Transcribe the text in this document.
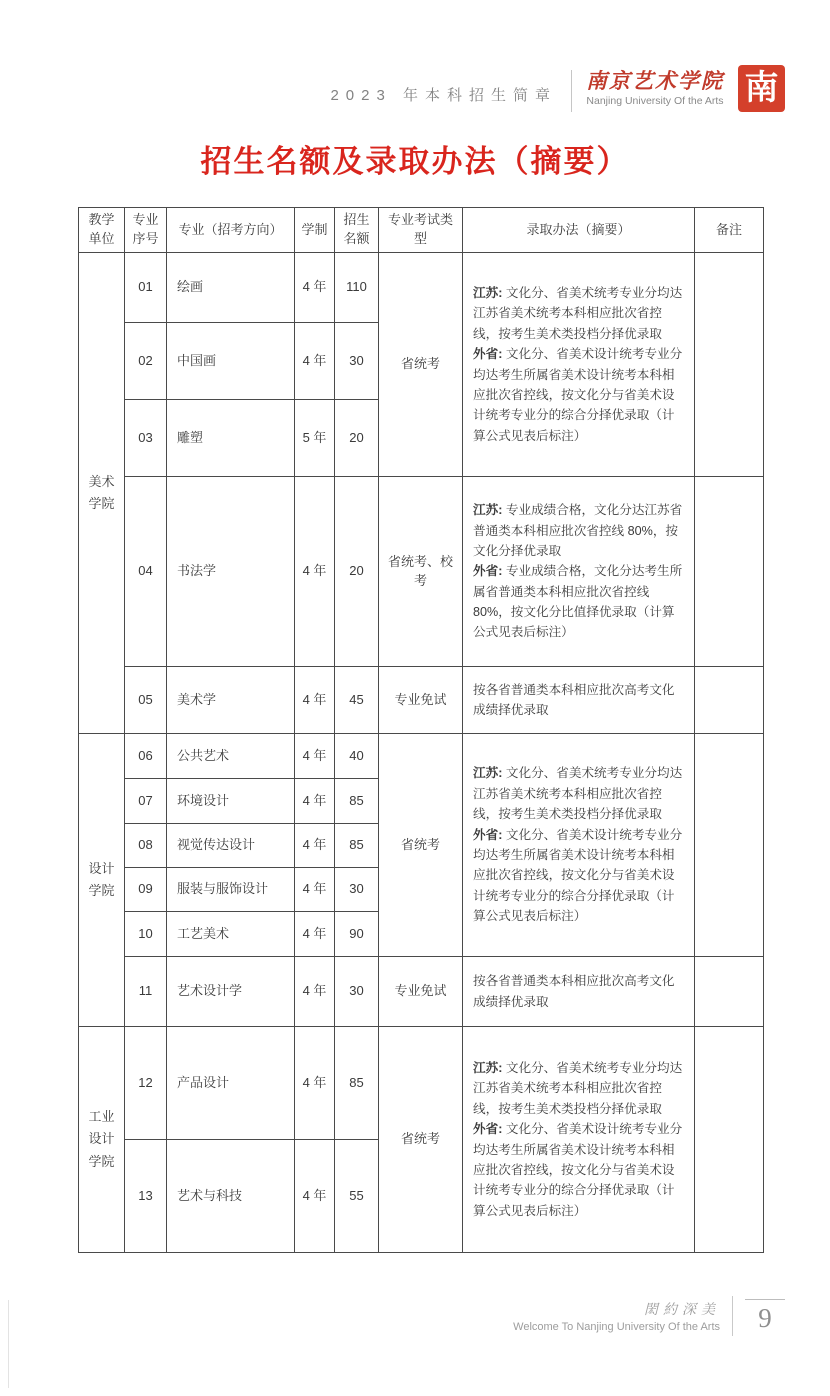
2023 年本科招生简章
南京艺术学院
Nanjing University Of the Arts 南
招生名额及录取办法（摘要）
教学单位	专业序号	专业（招考方向）	学制	招生名额	专业考试类型	录取办法（摘要）	备注
美术学院	01	绘画	4 年	110	省统考	江苏: 文化分、省美术统考专业分均达江苏省美术统考本科相应批次省控线，按考生美术类投档分择优录取

外省: 文化分、省美术设计统考专业分均达考生所属省美术设计统考本科相应批次省控线，按文化分与省美术设计统考专业分的综合分择优录取（计算公式见表后标注）	

	02	中国画	4 年	30			
	03	雕塑	5 年	20			
	04	书法学	4 年	20	省统考、校考	江苏: 专业成绩合格，文化分达江苏省普通类本科相应批次省控线 80%，按文化分择优录取

外省: 专业成绩合格，文化分达考生所属省普通类本科相应批次省控线 80%，按文化分比值择优录取（计算公式见表后标注）	

	05	美术学	4 年	45	专业免试	按各省普通类本科相应批次高考文化成绩择优录取	

设计学院	06	公共艺术	4 年	40	省统考	江苏: 文化分、省美术统考专业分均达江苏省美术统考本科相应批次省控线，按考生美术类投档分择优录取

外省: 文化分、省美术设计统考专业分均达考生所属省美术设计统考本科相应批次省控线，按文化分与省美术设计统考专业分的综合分择优录取（计算公式见表后标注）	

	07	环境设计	4 年	85			
	08	视觉传达设计	4 年	85			
	09	服装与服饰设计	4 年	30			
	10	工艺美术	4 年	90			
	11	艺术设计学	4 年	30	专业免试	按各省普通类本科相应批次高考文化成绩择优录取	

工业设计学院	12	产品设计	4 年	85	省统考	江苏: 文化分、省美术统考专业分均达江苏省美术统考本科相应批次省控线，按考生美术类投档分择优录取

外省: 文化分、省美术设计统考专业分均达考生所属省美术设计统考本科相应批次省控线，按文化分与省美术设计统考专业分的综合分择优录取（计算公式见表后标注）	

	13	艺术与科技	4 年	55			
閎約深美
Welcome To Nanjing University Of the Arts	9
